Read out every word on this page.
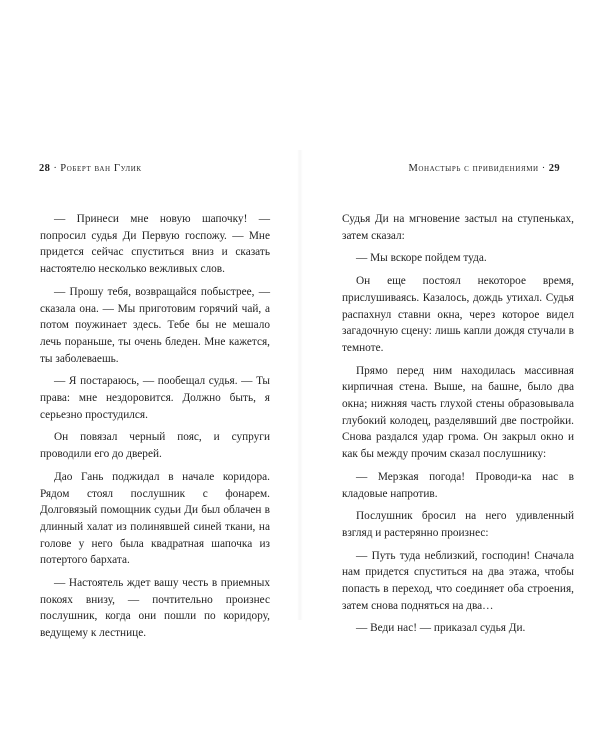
28 · Роберт ван Гулик

— Принеси мне новую шапочку! — попросил судья Ди Первую госпожу. — Мне придется сейчас спуститься вниз и сказать настоятелю несколько вежливых слов.

— Прошу тебя, возвращайся побыстрее, — сказала она. — Мы приготовим горячий чай, а потом поужинает здесь. Тебе бы не мешало лечь пораньше, ты очень бледен. Мне кажется, ты заболеваешь.

— Я постараюсь, — пообещал судья. — Ты права: мне нездоровится. Должно быть, я серьезно простудился.

Он повязал черный пояс, и супруги проводили его до дверей.

Дао Гань поджидал в начале коридора. Рядом стоял послушник с фонарем. Долговязый помощник судьи Ди был облачен в длинный халат из полинявшей синей ткани, на голове у него была квадратная шапочка из потертого бархата.

— Настоятель ждет вашу честь в приемных покоях внизу, — почтительно произнес послушник, когда они пошли по коридору, ведущему к лестнице.

Монастырь с привидениями · 29

Судья Ди на мгновение застыл на ступеньках, затем сказал:

— Мы вскоре пойдем туда.

Он еще постоял некоторое время, прислушиваясь. Казалось, дождь утихал. Судья распахнул ставни окна, через которое видел загадочную сцену: лишь капли дождя стучали в темноте.

Прямо перед ним находилась массивная кирпичная стена. Выше, на башне, было два окна; нижняя часть глухой стены образовывала глубокий колодец, разделявший две постройки. Снова раздался удар грома. Он закрыл окно и как бы между прочим сказал послушнику:

— Мерзкая погода! Проводи-ка нас в кладовые напротив.

Послушник бросил на него удивленный взгляд и растерянно произнес:

— Путь туда неблизкий, господин! Сначала нам придется спуститься на два этажа, чтобы попасть в переход, что соединяет оба строения, затем снова подняться на два…

— Веди нас! — приказал судья Ди.
